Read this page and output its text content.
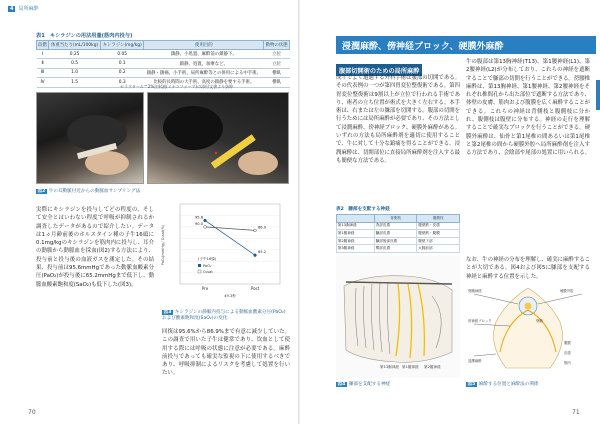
4	局所麻酔
表1　キシラジンの用法用量(筋肉内投与)
段階	体重当たり(mL/100kg)	キシラジン(mg/kg)	使用目的	動物の状態
Ⅰ	0.25	0.05	鎮静、小処置、麻酔前の鎮静下。	立位
Ⅱ	0.5	0.1	鎮静、処置、加療など。	立位
Ⅲ	1.0	0.2	鎮静・鎮痛、小手術、局所麻酔等との併用による中手術。	横臥
Ⅳ	1.5	0.3	比較的長時間の大手術、高度の鎮静を要する手術。	横臥
セラクタール™2%注射液(ミナコファーマ)の添付文書より抜粋
図2 牛の耳動脈付近からの動脈血サンプリング法
実際にキシラジンを投与してどの程度の、そして安全とはいわない程度で呼吸が抑制されるか調査したデータがあるので紹介したい。データは1ヵ月齢前後のホルスタイン種の子牛16頭に0.1mg/kgのキシラジンを筋肉内に投与し、耳介の動脈から動脈血を採血(図2)する方法により、投与前と投与後の血液ガスを測定した。その結果、投与前は95.6mmHgであった動脈血酸素分圧(PaO₂)が投与後に65.2mmHgまで低下し、動脈血酸素飽和度(SaO₂)も低下した(図3)。
95.6
65.2
90.0
86.9
PaO₂(mmHg)/ O₂sat(%)
Pre	Post
(子牛16頭)
PaO₂
O₂sat
49.3秒
図3 キシラジンの静脈内投与による動脈血酸素分圧(PaO₂)および酸素飽和度(SaO₂)の変化
回復は95.6%から86.9%まで有意に減少していた。この調査で用いた子牛は健常であり、饮血として使用する際には呼吸の状態に注意が必要である。麻酔前投与であっても確実な監視の下に使用するべきであり、呼吸抑制によるリスクを考慮して処置を行いたい。
70
浸潤麻酔、傍神経ブロック、硬膜外麻酔
腹部切開術のための局所麻酔
成牛でよく遭遇する外科手術は腹部の切開である。その代表例の一つが第四胃変位整復術である。第四胃変位整復術は9割以上が立位で行われる手術であり、術者の立ち位置が術式を大きく左右する。本手術は、右または左の膁部を切開する。腹部の切開を行うためには局所麻酔が必要であり、その方法として浸潤麻酔、傍神経ブロック、硬膜外麻酔がある。いずれの方法も局所麻酔剤を適切に使用することで、牛に対して十分な鎮痛を得ることができる。浸潤麻酔は、切開部位に直接局所麻酔剤を注入する最も簡便な方法である。
牛の腹部は第13胸神経(T13)、第1腰神経(L1)、第2腰神経(L2)が分布しており、これらの神経を遮断することで膁部の切開を行うことができる。傍腰椎麻酔は、第13胸神経、第1腰神経、第2腰神経をそれぞれ椎間孔から出た部位で遮断する方法であり、体壁の皮膚、筋肉および腹膜を広く麻酔することができる。これらの神経は背側枝と腹側枝に分かれ、腹側枝は腹壁に分布する。神経の走行を理解することで確実なブロックを行うことができる。硬膜外麻酔は、仙骨と第1尾椎の間あるいは第1尾椎と第2尾椎の間から硬膜外腔へ局所麻酔剤を注入する方法であり、会陰部や尾部の処置に用いられる。
なお、牛の神経の分布を理解し、確実に麻酔することが大切である。図4および図5に膁部を支配する神経と麻酔する位置を示した。
表2　膁部を支配する神経
	背側枝	腹側枝
第13胸神経	背部皮膚	腹壁筋・皮膚
第1腰神経	膁部皮膚	腹壁筋・腹膜
第2腰神経	膁部後部皮膚	腹壁下部
第3腰神経	臀部皮膚	大腿前部
第13胸神経 第1腰神経 第2腰神経
図4 膁部を支配する神経
脊髄神経	硬膜外腔
傍神経ブロック	脊髄
浸潤麻酔
腹膜
皮膚
筋肉
図5 麻酔する位置と麻酔法の関係
71
